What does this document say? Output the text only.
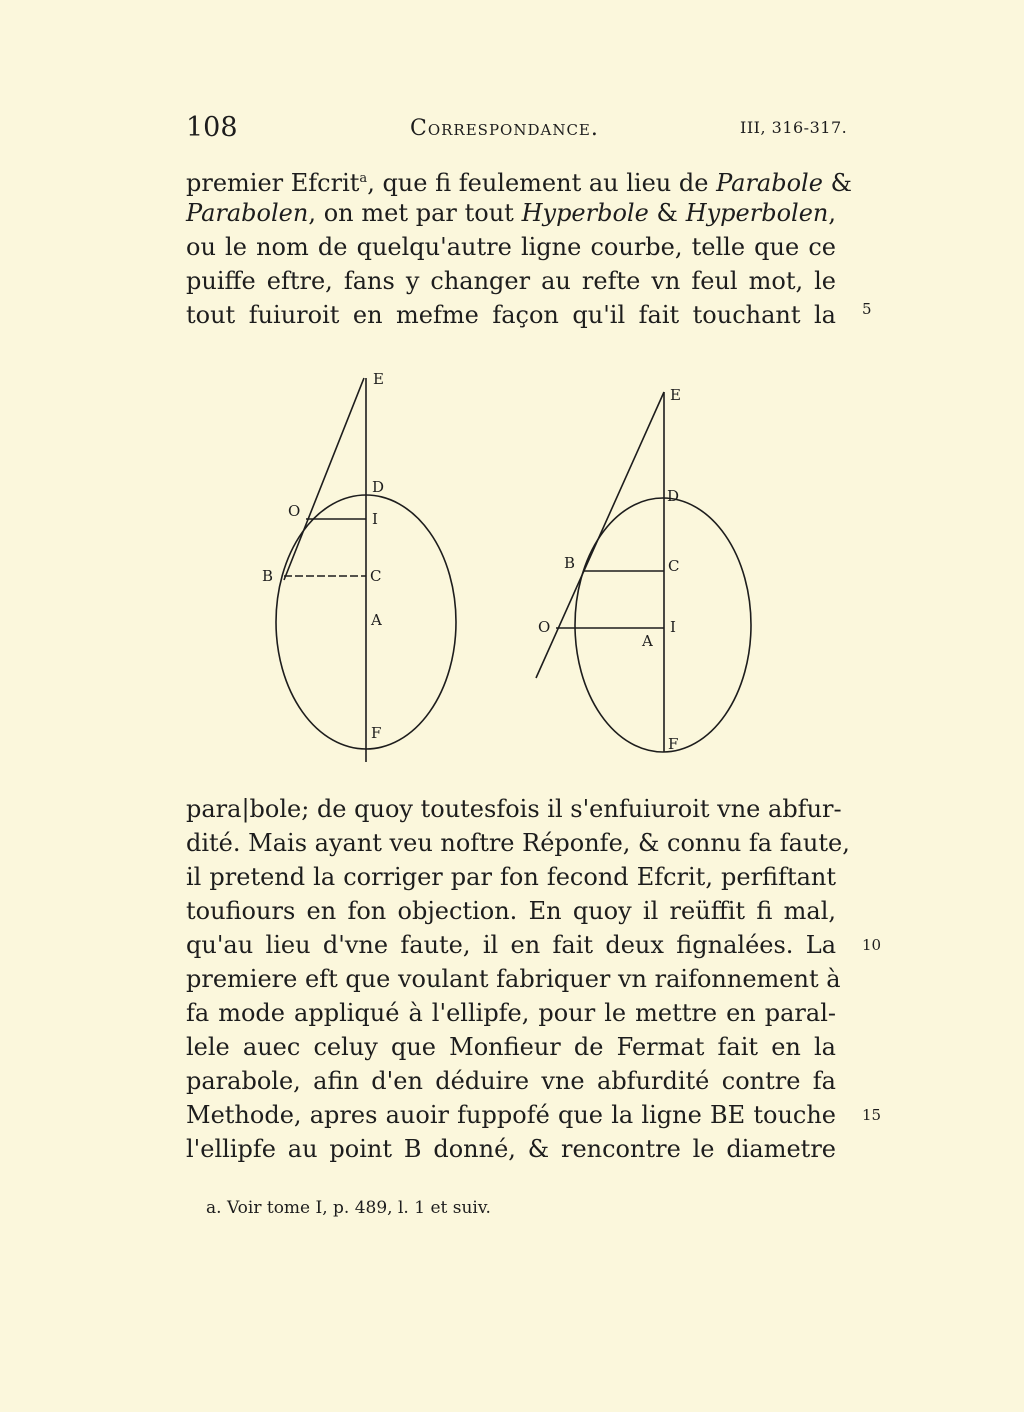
108	Correspondance.	III, 316-317.
premier Efcrit$^a$, que fi feulement au lieu de Parabole &
Parabolen, on met par tout Hyperbole & Hyperbolen,
ou le nom de quelqu'autre ligne courbe, telle que ce
puiffe eftre, fans y changer au refte vn feul mot, le
tout fuiuroit en mefme façon qu'il fait touchant la 5
E
D
O	I
B	C
A
F
E
D
B	C
O	I
A
F
para|bole; de quoy toutesfois il s'enfuiuroit vne abfur-
dité. Mais ayant veu noftre Réponfe, & connu fa faute,
il pretend la corriger par fon fecond Efcrit, perfiftant
toufiours en fon objection. En quoy il reüffit fi mal,
qu'au lieu d'vne faute, il en fait deux fignalées. La
premiere eft que voulant fabriquer vn raifonnement à
fa mode appliqué à l'ellipfe, pour le mettre en paral-
lele auec celuy que Monfieur de Fermat fait en la
parabole, afin d'en déduire vne abfurdité contre fa
Methode, apres auoir fuppofé que la ligne BE touche
l'ellipfe au point B donné, & rencontre le diametre
10
15
a. Voir tome I, p. 489, l. 1 et suiv.
